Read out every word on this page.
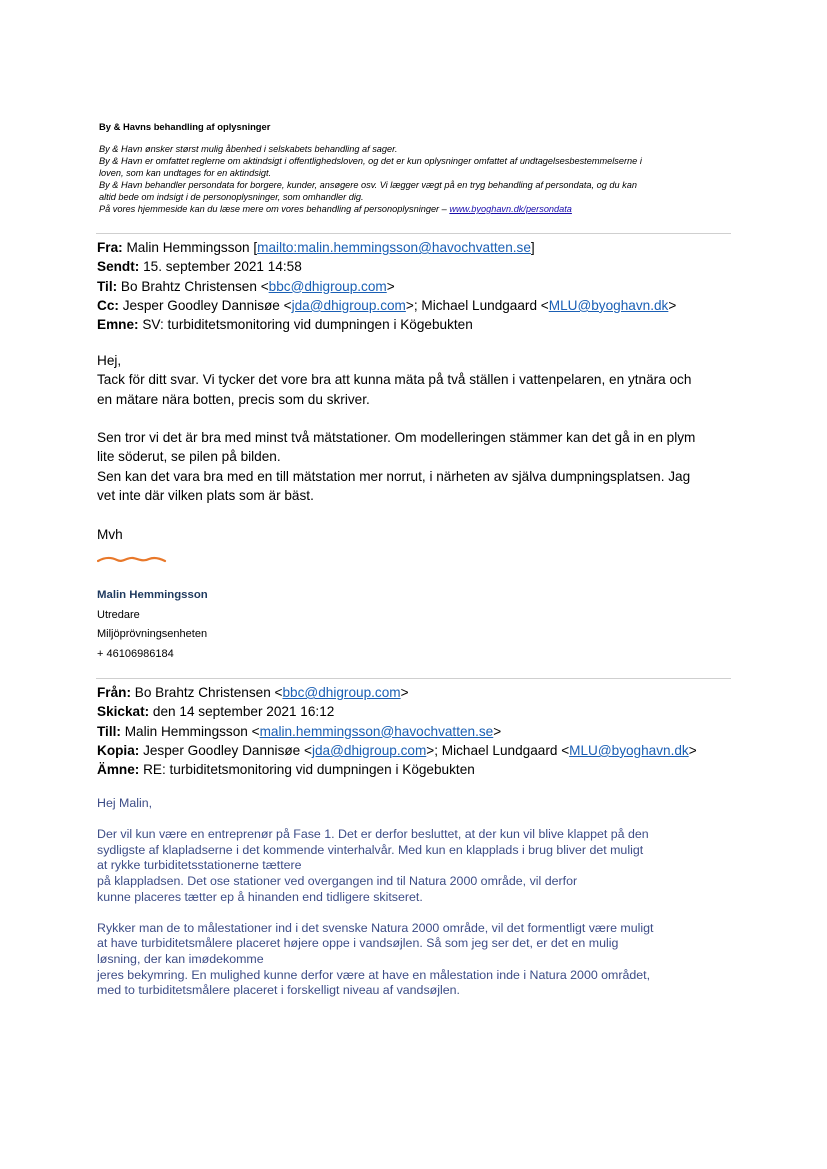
By & Havns behandling af oplysninger
By & Havn ønsker størst mulig åbenhed i selskabets behandling af sager.
By & Havn er omfattet reglerne om aktindsigt i offentlighedsloven, og det er kun oplysninger omfattet af undtagelsesbestemmelserne i
loven, som kan undtages for en aktindsigt.
By & Havn behandler persondata for borgere, kunder, ansøgere osv. Vi lægger vægt på en tryg behandling af persondata, og du kan
altid bede om indsigt i de personoplysninger, som omhandler dig.
På vores hjemmeside kan du læse mere om vores behandling af personoplysninger – www.byoghavn.dk/persondata
Fra: Malin Hemmingsson [mailto:malin.hemmingsson@havochvatten.se]
Sendt: 15. september 2021 14:58
Til: Bo Brahtz Christensen <bbc@dhigroup.com>
Cc: Jesper Goodley Dannisøe <jda@dhigroup.com>; Michael Lundgaard <MLU@byoghavn.dk>
Emne: SV: turbiditetsmonitoring vid dumpningen i Kögebukten

Hej,

Tack för ditt svar. Vi tycker det vore bra att kunna mäta på två ställen i vattenpelaren, en ytnära och

en mätare nära botten, precis som du skriver.

Sen tror vi det är bra med minst två mätstationer. Om modelleringen stämmer kan det gå in en plym

lite söderut, se pilen på bilden.

Sen kan det vara bra med en till mätstation mer norrut, i närheten av själva dumpningsplatsen. Jag

vet inte där vilken plats som är bäst.

Mvh

Malin Hemmingsson
Utredare
Miljöprövningsenheten
+ 46106986184
Från: Bo Brahtz Christensen <bbc@dhigroup.com>
Skickat: den 14 september 2021 16:12
Till: Malin Hemmingsson <malin.hemmingsson@havochvatten.se>
Kopia: Jesper Goodley Dannisøe <jda@dhigroup.com>; Michael Lundgaard <MLU@byoghavn.dk>
Ämne: RE: turbiditetsmonitoring vid dumpningen i Kögebukten

Hej Malin,

Der vil kun være en entreprenør på Fase 1. Det er derfor besluttet, at der kun vil blive klappet på den

sydligste af klapladserne i det kommende vinterhalvår. Med kun en klapplads i brug bliver det muligt

at rykke turbiditetsstationerne tættere

på klappladsen. Det ose stationer ved overgangen ind til Natura 2000 område, vil derfor

kunne placeres tætter ep å hinanden end tidligere skitseret.

Rykker man de to målestationer ind i det svenske Natura 2000 område, vil det formentligt være muligt

at have turbiditetsmålere placeret højere oppe i vandsøjlen. Så som jeg ser det, er det en mulig

løsning, der kan imødekomme

jeres bekymring. En mulighed kunne derfor være at have en målestation inde i Natura 2000 området,

med to turbiditetsmålere placeret i forskelligt niveau af vandsøjlen.
